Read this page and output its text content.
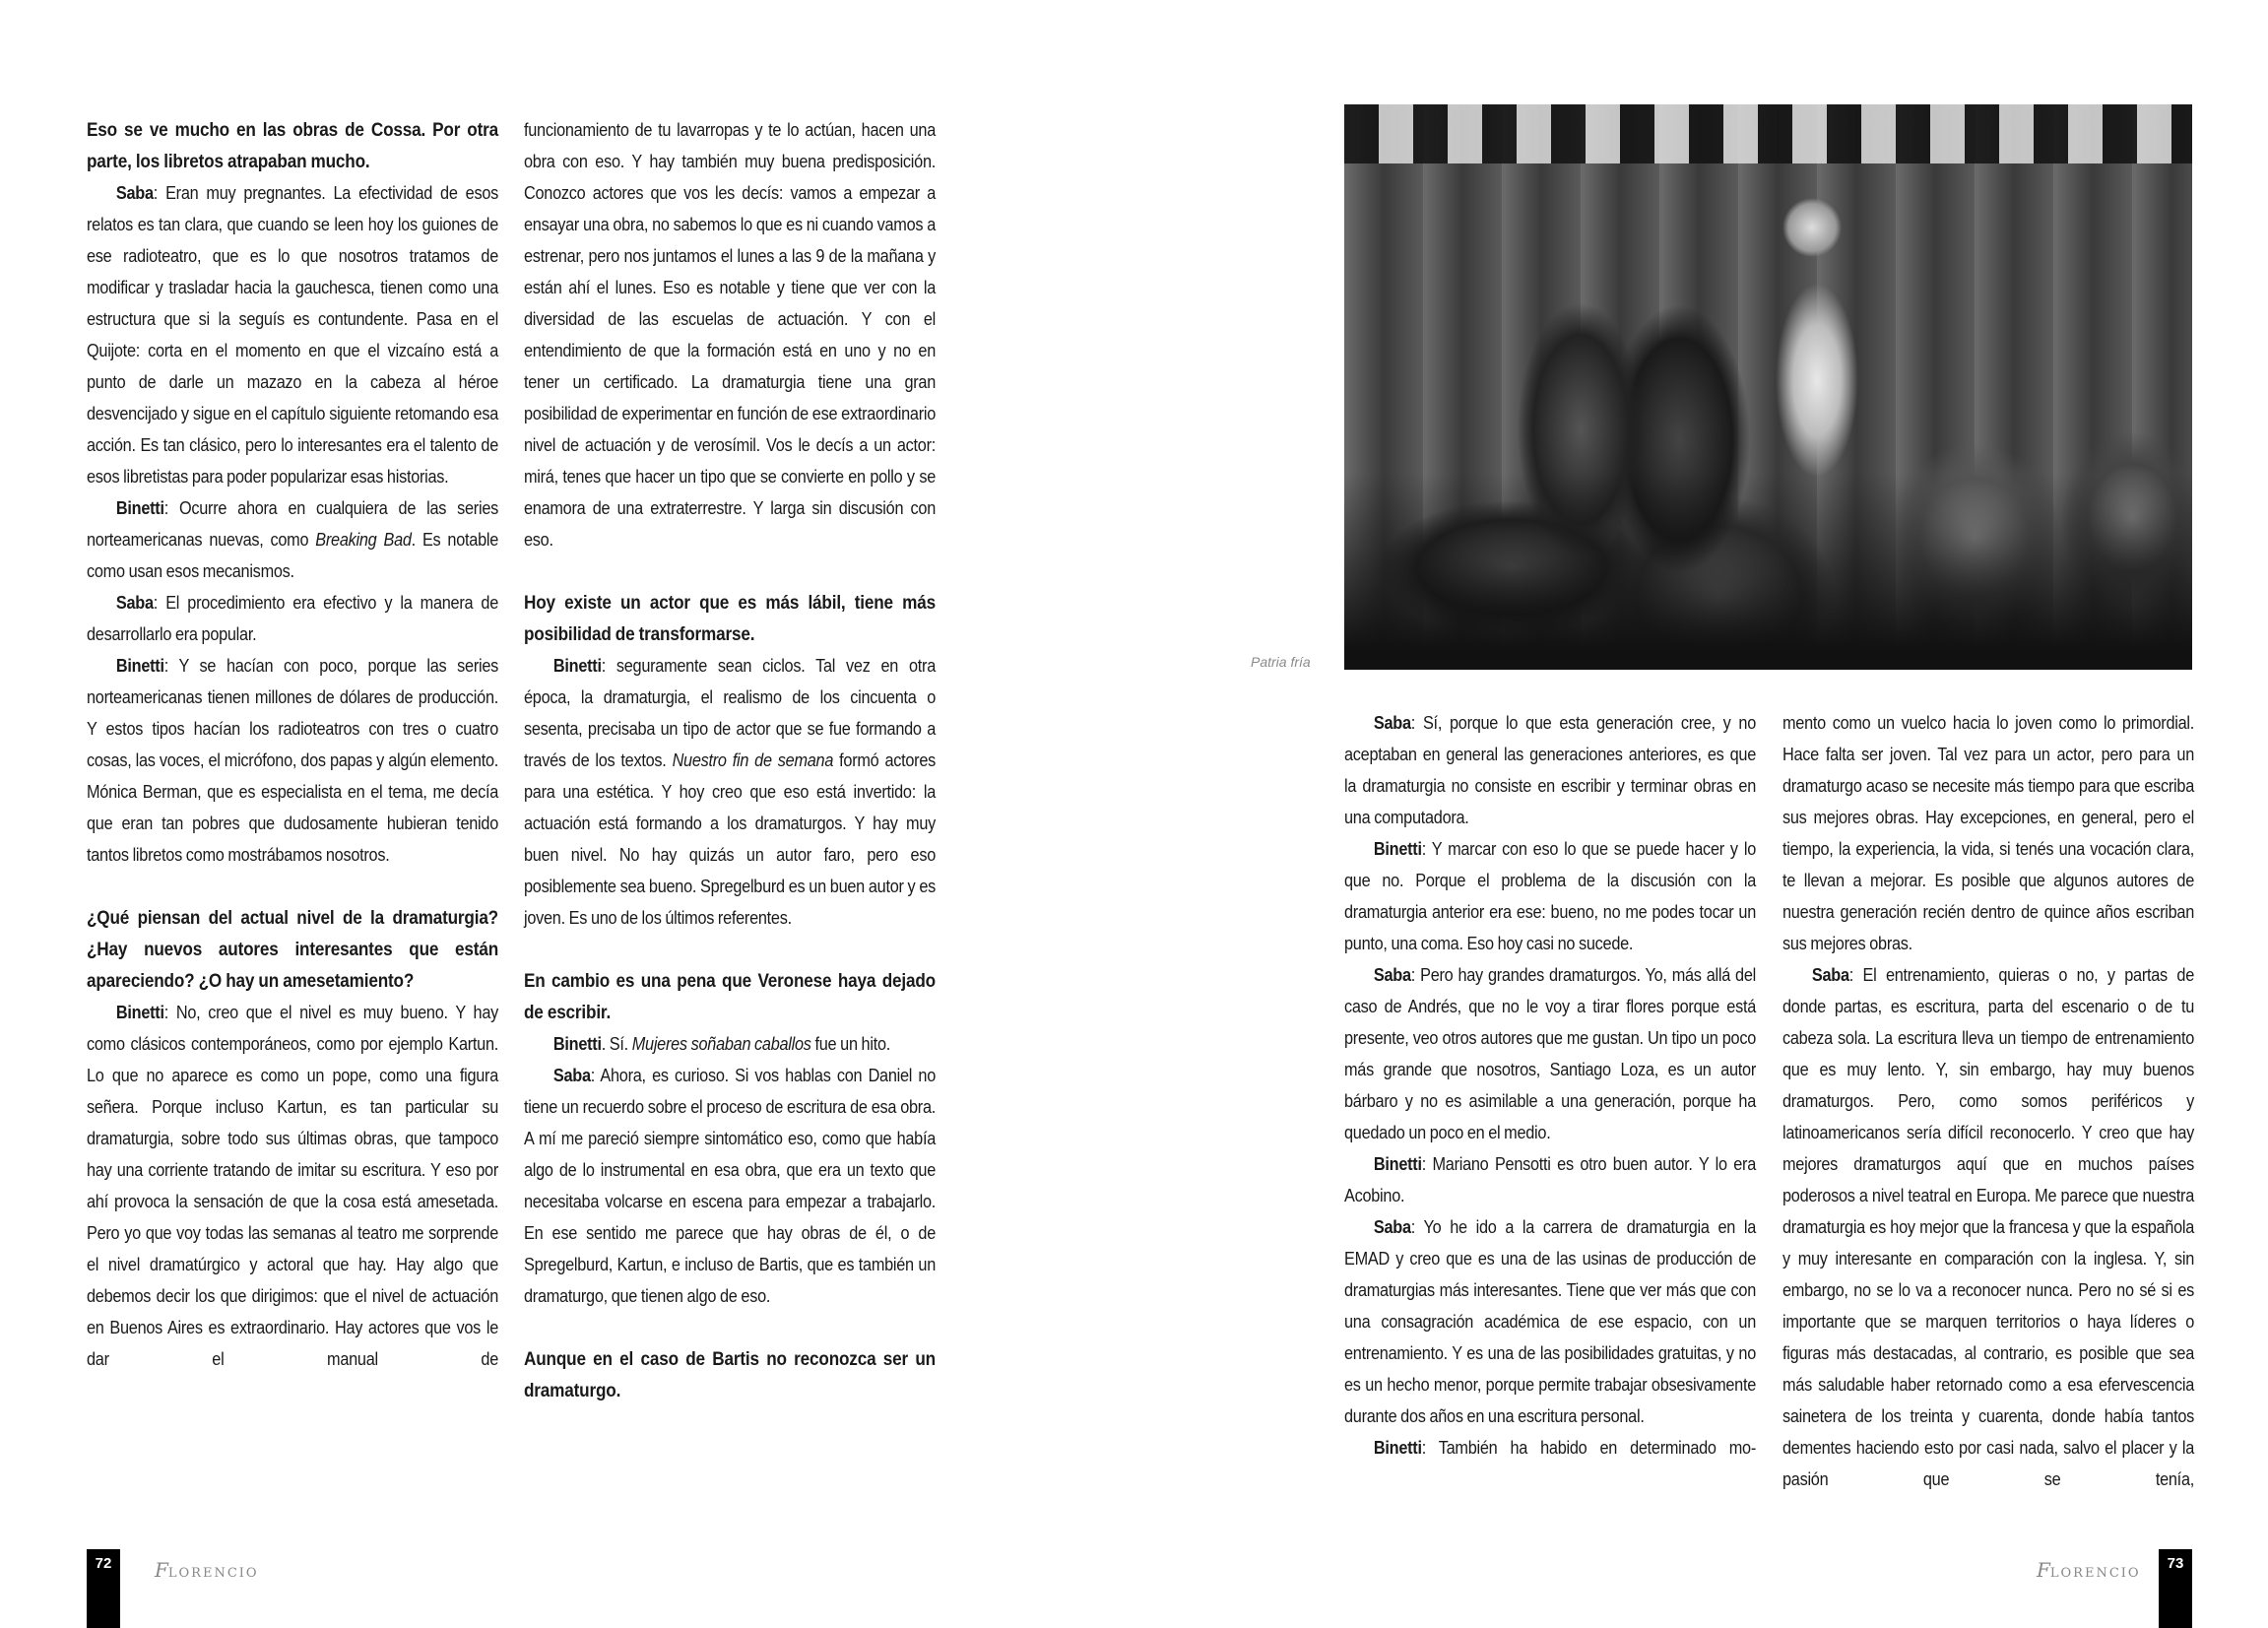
Eso se ve mucho en las obras de Cossa. Por otra parte, los libretos atrapaban mucho.

Saba: Eran muy pregnantes. La efectividad de esos relatos es tan clara, que cuando se leen hoy los guiones de ese radioteatro, que es lo que nosotros tratamos de modificar y trasladar hacia la gauchesca, tienen como una estructura que si la seguís es contundente. Pasa en el Quijote: corta en el momento en que el vizcaíno está a punto de darle un mazazo en la cabeza al héroe desvencijado y sigue en el capítulo siguiente retomando esa acción. Es tan clásico, pero lo interesantes era el talento de esos libretistas para poder popularizar esas historias.

Binetti: Ocurre ahora en cualquiera de las series norteamericanas nuevas, como Breaking Bad. Es notable como usan esos mecanismos.

Saba: El procedimiento era efectivo y la manera de desarrollarlo era popular.

Binetti: Y se hacían con poco, porque las series norteamericanas tienen millones de dólares de producción. Y estos tipos hacían los radioteatros con tres o cuatro cosas, las voces, el micrófono, dos papas y algún elemento. Mónica Berman, que es especialista en el tema, me decía que eran tan pobres que dudosamente hubieran tenido tantos libretos como mostrábamos nosotros.

¿Qué piensan del actual nivel de la dramaturgia? ¿Hay nuevos autores interesantes que están apareciendo? ¿O hay un amesetamiento?

Binetti: No, creo que el nivel es muy bueno. Y hay como clásicos contemporáneos, como por ejemplo Kartun. Lo que no aparece es como un pope, como una figura señera. Porque incluso Kartun, es tan particular su dramaturgia, sobre todo sus últimas obras, que tampoco hay una corriente tratando de imitar su escritura. Y eso por ahí provoca la sensación de que la cosa está amesetada. Pero yo que voy todas las semanas al teatro me sorprende el nivel dramatúrgico y actoral que hay. Hay algo que debemos decir los que dirigimos: que el nivel de actuación en Buenos Aires es extraordinario. Hay actores que vos le dar el manual de

funcionamiento de tu lavarropas y te lo actúan, hacen una obra con eso. Y hay también muy buena predisposición. Conozco actores que vos les decís: vamos a empezar a ensayar una obra, no sabemos lo que es ni cuando vamos a estrenar, pero nos juntamos el lunes a las 9 de la mañana y están ahí el lunes. Eso es notable y tiene que ver con la diversidad de las escuelas de actuación. Y con el entendimiento de que la formación está en uno y no en tener un certificado. La dramaturgia tiene una gran posibilidad de experimentar en función de ese extraordinario nivel de actuación y de verosímil. Vos le decís a un actor: mirá, tenes que hacer un tipo que se convierte en pollo y se enamora de una extraterrestre. Y larga sin discusión con eso.

Hoy existe un actor que es más lábil, tiene más posibilidad de transformarse.

Binetti: seguramente sean ciclos. Tal vez en otra época, la dramaturgia, el realismo de los cincuenta o sesenta, precisaba un tipo de actor que se fue formando a través de los textos. Nuestro fin de semana formó actores para una estética. Y hoy creo que eso está invertido: la actuación está formando a los dramaturgos. Y hay muy buen nivel. No hay quizás un autor faro, pero eso posiblemente sea bueno. Spregelburd es un buen autor y es joven. Es uno de los últimos referentes.

En cambio es una pena que Veronese haya dejado de escribir.

Binetti. Sí. Mujeres soñaban caballos fue un hito.

Saba: Ahora, es curioso. Si vos hablas con Daniel no tiene un recuerdo sobre el proceso de escritura de esa obra. A mí me pareció siempre sintomático eso, como que había algo de lo instrumental en esa obra, que era un texto que necesitaba volcarse en escena para empezar a trabajarlo. En ese sentido me parece que hay obras de él, o de Spregelburd, Kartun, e incluso de Bartis, que es también un dramaturgo, que tienen algo de eso.

Aunque en el caso de Bartis no reconozca ser un dramaturgo.

Patria fría

Saba: Sí, porque lo que esta generación cree, y no aceptaban en general las generaciones anteriores, es que la dramaturgia no consiste en escribir y terminar obras en una computadora.

Binetti: Y marcar con eso lo que se puede hacer y lo que no. Porque el problema de la discusión con la dramaturgia anterior era ese: bueno, no me podes tocar un punto, una coma. Eso hoy casi no sucede.

Saba: Pero hay grandes dramaturgos. Yo, más allá del caso de Andrés, que no le voy a tirar flores porque está presente, veo otros autores que me gustan. Un tipo un poco más grande que nosotros, Santiago Loza, es un autor bárbaro y no es asimilable a una generación, porque ha quedado un poco en el medio.

Binetti: Mariano Pensotti es otro buen autor. Y lo era Acobino.

Saba: Yo he ido a la carrera de dramaturgia en la EMAD y creo que es una de las usinas de producción de dramaturgias más interesantes. Tiene que ver más que con una consagración académica de ese espacio, con un entrenamiento. Y es una de las posibilidades gratuitas, y no es un hecho menor, porque permite trabajar obsesivamente durante dos años en una escritura personal.

Binetti: También ha habido en determinado mo-

mento como un vuelco hacia lo joven como lo primordial. Hace falta ser joven. Tal vez para un actor, pero para un dramaturgo acaso se necesite más tiempo para que escriba sus mejores obras. Hay excepciones, en general, pero el tiempo, la experiencia, la vida, si tenés una vocación clara, te llevan a mejorar. Es posible que algunos autores de nuestra generación recién dentro de quince años escriban sus mejores obras.

Saba: El entrenamiento, quieras o no, y partas de donde partas, es escritura, parta del escenario o de tu cabeza sola. La escritura lleva un tiempo de entrenamiento que es muy lento. Y, sin embargo, hay muy buenos dramaturgos. Pero, como somos periféricos y latinoamericanos sería difícil reconocerlo. Y creo que hay mejores dramaturgos aquí que en muchos países poderosos a nivel teatral en Europa. Me parece que nuestra dramaturgia es hoy mejor que la francesa y que la española y muy interesante en comparación con la inglesa. Y, sin embargo, no se lo va a reconocer nunca. Pero no sé si es importante que se marquen territorios o haya líderes o figuras más destacadas, al contrario, es posible que sea más saludable haber retornado como a esa efervescencia sainetera de los treinta y cuarenta, donde había tantos dementes haciendo esto por casi nada, salvo el placer y la pasión que se tenía,

72	FLORENCIO	FLORENCIO
73
